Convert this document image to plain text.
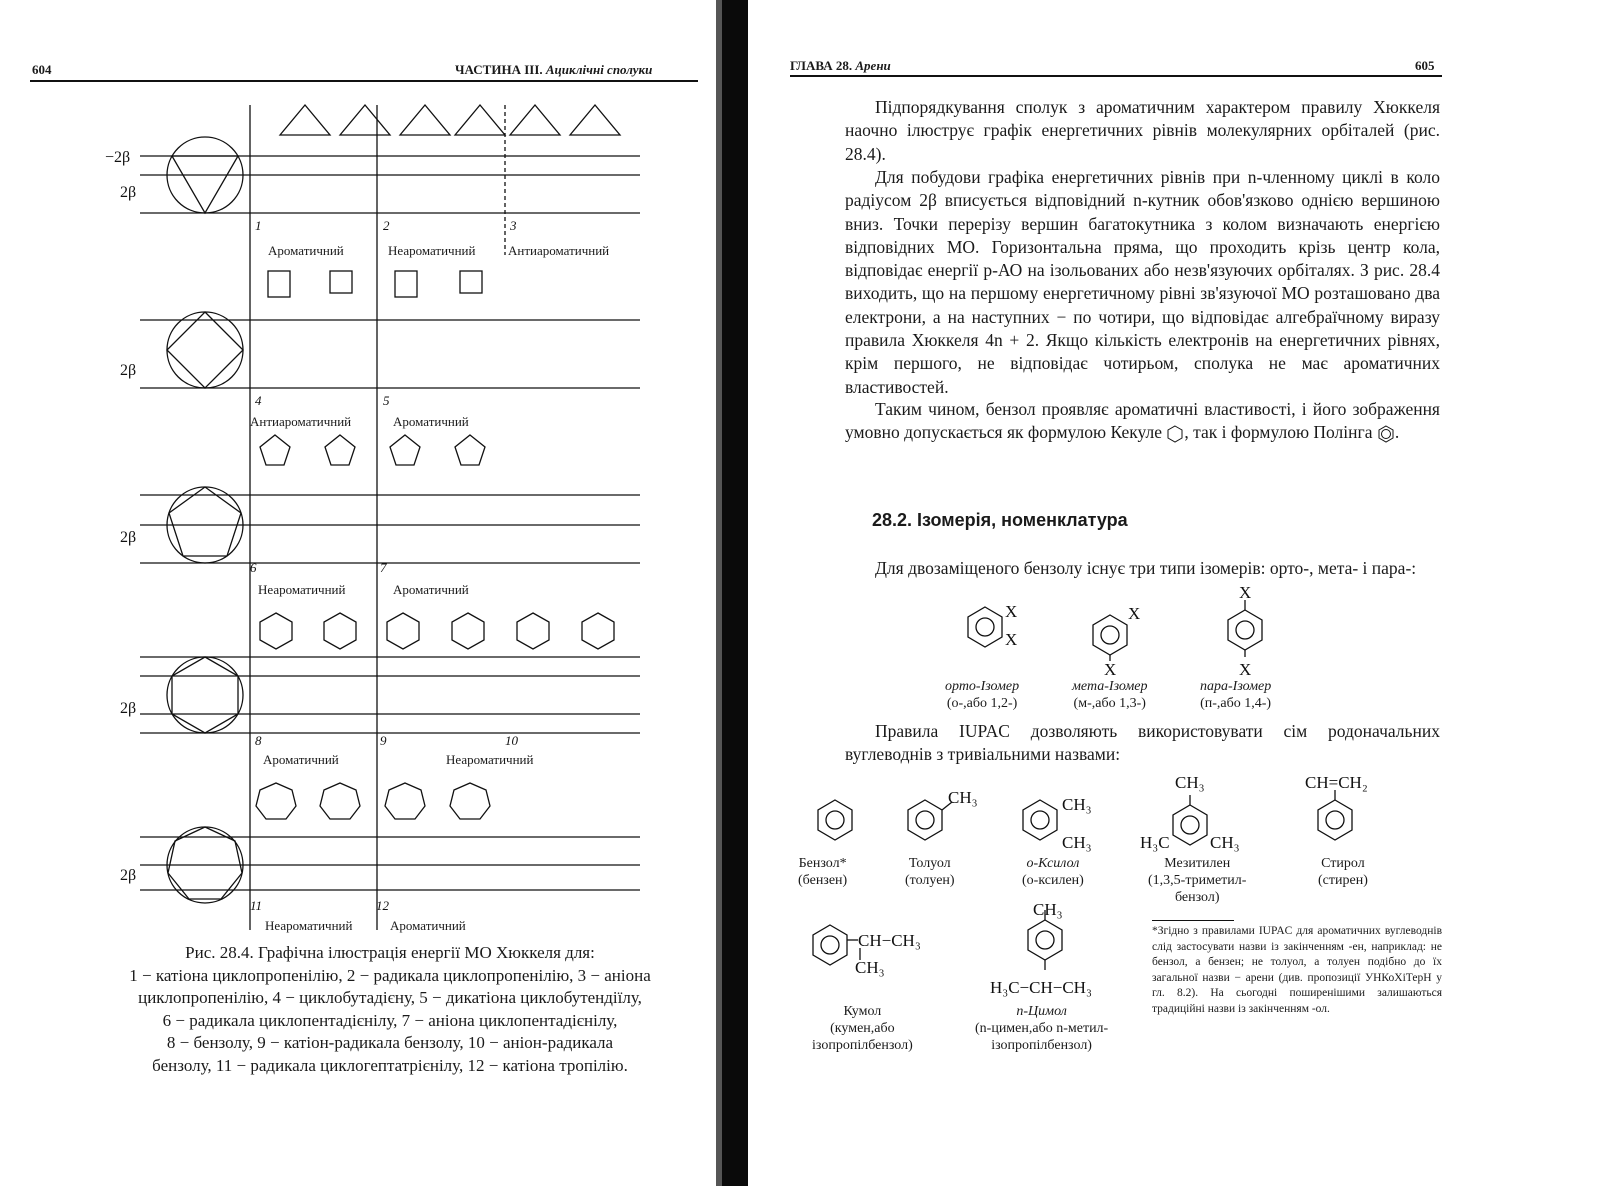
604	ЧАСТИНА III. Ациклічні сполуки
−2β
2β
2β
2β
2β
2β
1	2	3
4	5
6	7
8	9	10
11	12
Ароматичний	Неароматичний	Антиароматичний
Антиароматичний	Ароматичний
Неароматичний	Ароматичний
Ароматичний	Неароматичний
Неароматичний	Ароматичний
Рис. 28.4. Графічна ілюстрація енергії МО Хюккеля для:
1 − катіона циклопропенілію, 2 − радикала циклопропенілію, 3 − аніона
циклопропенілію, 4 − циклобутадієну, 5 − дикатіона циклобутендіїлу,
6 − радикала циклопентадієнілу, 7 − аніона циклопентадієнілу,
8 − бензолу, 9 − катіон-радикала бензолу, 10 − аніон-радикала
бензолу, 11 − радикала циклогептатрієнілу, 12 − катіона тропілію.
ГЛАВА 28. Арени	605
Підпорядкування сполук з ароматичним характером правилу Хюккеля наочно ілюструє графік енергетичних рівнів молекулярних орбіталей (рис. 28.4).
Для побудови графіка енергетичних рівнів при n-членному циклі в коло радіусом 2β вписується відповідний n-кутник обов'язково однією вершиною вниз. Точки перерізу вершин багатокутника з колом визначають енергією відповідних МО. Горизонтальна пряма, що проходить крізь центр кола, відповідає енергії p-АО на ізольованих або незв'язуючих орбіталях. З рис. 28.4 виходить, що на першому енергетичному рівні зв'язуючої МО розташовано два електрони, а на наступних − по чотири, що відповідає алгебраїчному виразу правила Хюккеля 4n + 2. Якщо кількість електронів на енергетичних рівнях, крім першого, не відповідає чотирьом, сполука не має ароматичних властивостей.
Таким чином, бензол проявляє ароматичні властивості, і його зображення умовно допускається як формулою Кекуле , так і формулою Полінга .
28.2. Ізомерія, номенклатура
Для двозаміщеного бензолу існує три типи ізомерів: орто-, мета- і пара-:
X
X
X
X
X
X
орто-Ізомер
(о-,або 1,2-)
мета-Ізомер
(м-,або 1,3-)
пара-Ізомер
(п-,або 1,4-)
Правила IUPAC дозволяють використовувати сім родоначальних вуглеводнів з тривіальними назвами:
CH₃	CH₃
CH₃
CH₃
H₃C CH₃
CH=CH₂
CH−CH₃
CH₃
CH₃
H₃C−CH−CH₃
Бензол*
(бензен)
Толуол
(толуен)
о-Ксилол
(о-ксилен)
Мезитилен
(1,3,5-триметил-
бензол)
Стирол
(стирен)
Кумол
(кумен,або
ізопропілбензол)
n-Цимол
(n-цимен,або n-метил-
ізопропілбензол)
*Згідно з правилами IUPAC для ароматичних вуглеводнів слід застосувати назви із закінченням -ен, наприклад: не бензол, а бензен; не толуол, а толуен подібно до їх загальної назви − арени (див. пропозиції УНКоХіТерН у гл. 8.2). На сьогодні поширенішими залишаються традиційні назви із закінченням -ол.
